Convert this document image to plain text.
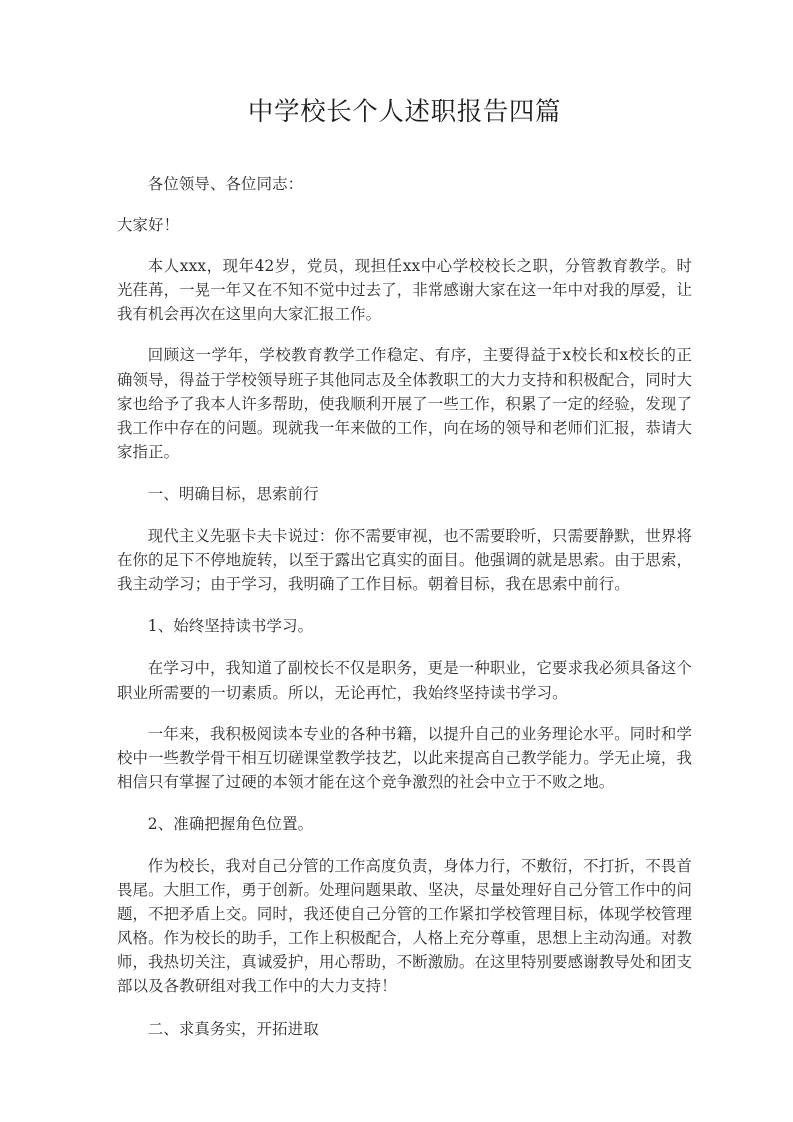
中学校长个人述职报告四篇

各位领导、各位同志：

大家好！

本人xxx，现年42岁，党员，现担任xx中心学校校长之职，分管教育教学。时光荏苒，一晃一年又在不知不觉中过去了，非常感谢大家在这一年中对我的厚爱，让我有机会再次在这里向大家汇报工作。

回顾这一学年，学校教育教学工作稳定、有序，主要得益于x校长和x校长的正确领导，得益于学校领导班子其他同志及全体教职工的大力支持和积极配合，同时大家也给予了我本人许多帮助，使我顺利开展了一些工作，积累了一定的经验，发现了我工作中存在的问题。现就我一年来做的工作，向在场的领导和老师们汇报，恭请大家指正。

一、明确目标，思索前行

现代主义先驱卡夫卡说过：你不需要审视，也不需要聆听，只需要静默，世界将在你的足下不停地旋转，以至于露出它真实的面目。他强调的就是思索。由于思索，我主动学习；由于学习，我明确了工作目标。朝着目标，我在思索中前行。

1、始终坚持读书学习。

在学习中，我知道了副校长不仅是职务，更是一种职业，它要求我必须具备这个职业所需要的一切素质。所以，无论再忙，我始终坚持读书学习。

一年来，我积极阅读本专业的各种书籍，以提升自己的业务理论水平。同时和学校中一些教学骨干相互切磋课堂教学技艺，以此来提高自己教学能力。学无止境，我相信只有掌握了过硬的本领才能在这个竞争激烈的社会中立于不败之地。

2、准确把握角色位置。

作为校长，我对自己分管的工作高度负责，身体力行，不敷衍，不打折，不畏首畏尾。大胆工作，勇于创新。处理问题果敢、坚决，尽量处理好自己分管工作中的问题，不把矛盾上交。同时，我还使自己分管的工作紧扣学校管理目标，体现学校管理风格。作为校长的助手，工作上积极配合，人格上充分尊重，思想上主动沟通。对教师，我热切关注，真诚爱护，用心帮助，不断激励。在这里特别要感谢教导处和团支部以及各教研组对我工作中的大力支持！

二、求真务实，开拓进取
